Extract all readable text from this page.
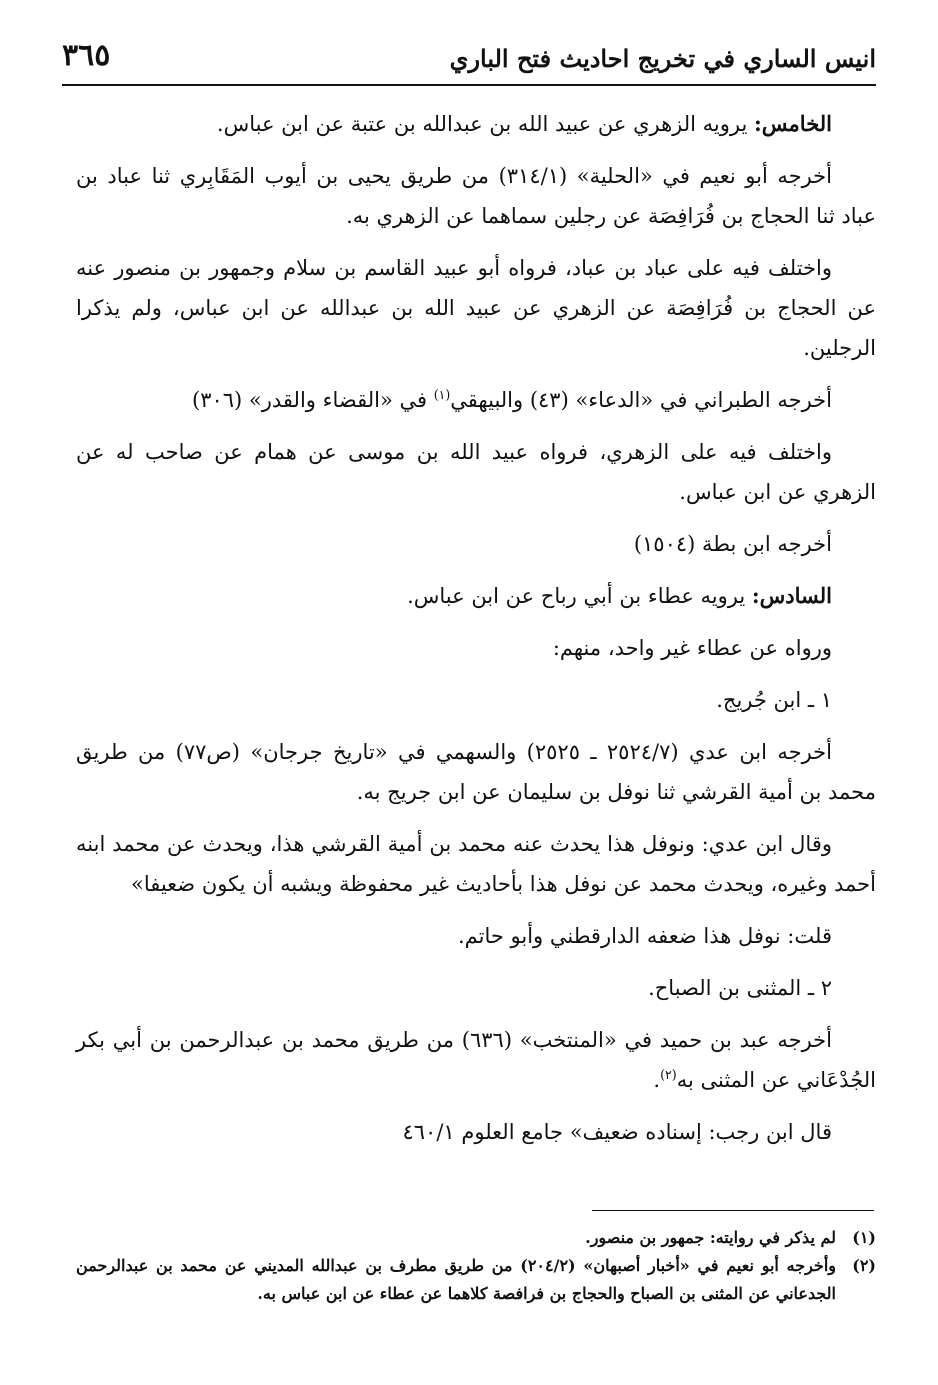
انيس الساري في تخريج احاديث فتح الباري
٣٦٥

الخامس: يرويه الزهري عن عبيد الله بن عبدالله بن عتبة عن ابن عباس.

أخرجه أبو نعيم في «الحلية» (٣١٤/١) من طريق يحيى بن أيوب المَقَابِري ثنا عباد بن عباد ثنا الحجاج بن فُرَافِصَة عن رجلين سماهما عن الزهري به.

واختلف فيه على عباد بن عباد، فرواه أبو عبيد القاسم بن سلام وجمهور بن منصور عنه عن الحجاج بن فُرَافِصَة عن الزهري عن عبيد الله بن عبدالله عن ابن عباس، ولم يذكرا الرجلين.

أخرجه الطبراني في «الدعاء» (٤٣) والبيهقي$^{(١)}$ في «القضاء والقدر» (٣٠٦)

واختلف فيه على الزهري، فرواه عبيد الله بن موسى عن همام عن صاحب له عن الزهري عن ابن عباس.

أخرجه ابن بطة (١٥٠٤)

السادس: يرويه عطاء بن أبي رباح عن ابن عباس.

ورواه عن عطاء غير واحد، منهم:

١ ـ ابن جُريج.

أخرجه ابن عدي (٢٥٢٤/٧ ـ ٢٥٢٥) والسهمي في «تاريخ جرجان» (ص٧٧) من طريق محمد بن أمية القرشي ثنا نوفل بن سليمان عن ابن جريج به.

وقال ابن عدي: ونوفل هذا يحدث عنه محمد بن أمية القرشي هذا، ويحدث عن محمد ابنه أحمد وغيره، ويحدث محمد عن نوفل هذا بأحاديث غير محفوظة ويشبه أن يكون ضعيفا»

قلت: نوفل هذا ضعفه الدارقطني وأبو حاتم.

٢ ـ المثنى بن الصباح.

أخرجه عبد بن حميد في «المنتخب» (٦٣٦) من طريق محمد بن عبدالرحمن بن أبي بكر الجُدْعَاني عن المثنى به$^{(٢)}$.

قال ابن رجب: إسناده ضعيف» جامع العلوم ٤٦٠/١

(١)
لم يذكر في روايته: جمهور بن منصور.
(٢)
وأخرجه أبو نعيم في «أخبار أصبهان» (٢٠٤/٢) من طريق مطرف بن عبدالله المديني عن محمد بن عبدالرحمن الجدعاني عن المثنى بن الصباح والحجاج بن فرافصة كلاهما عن عطاء عن ابن عباس به.
